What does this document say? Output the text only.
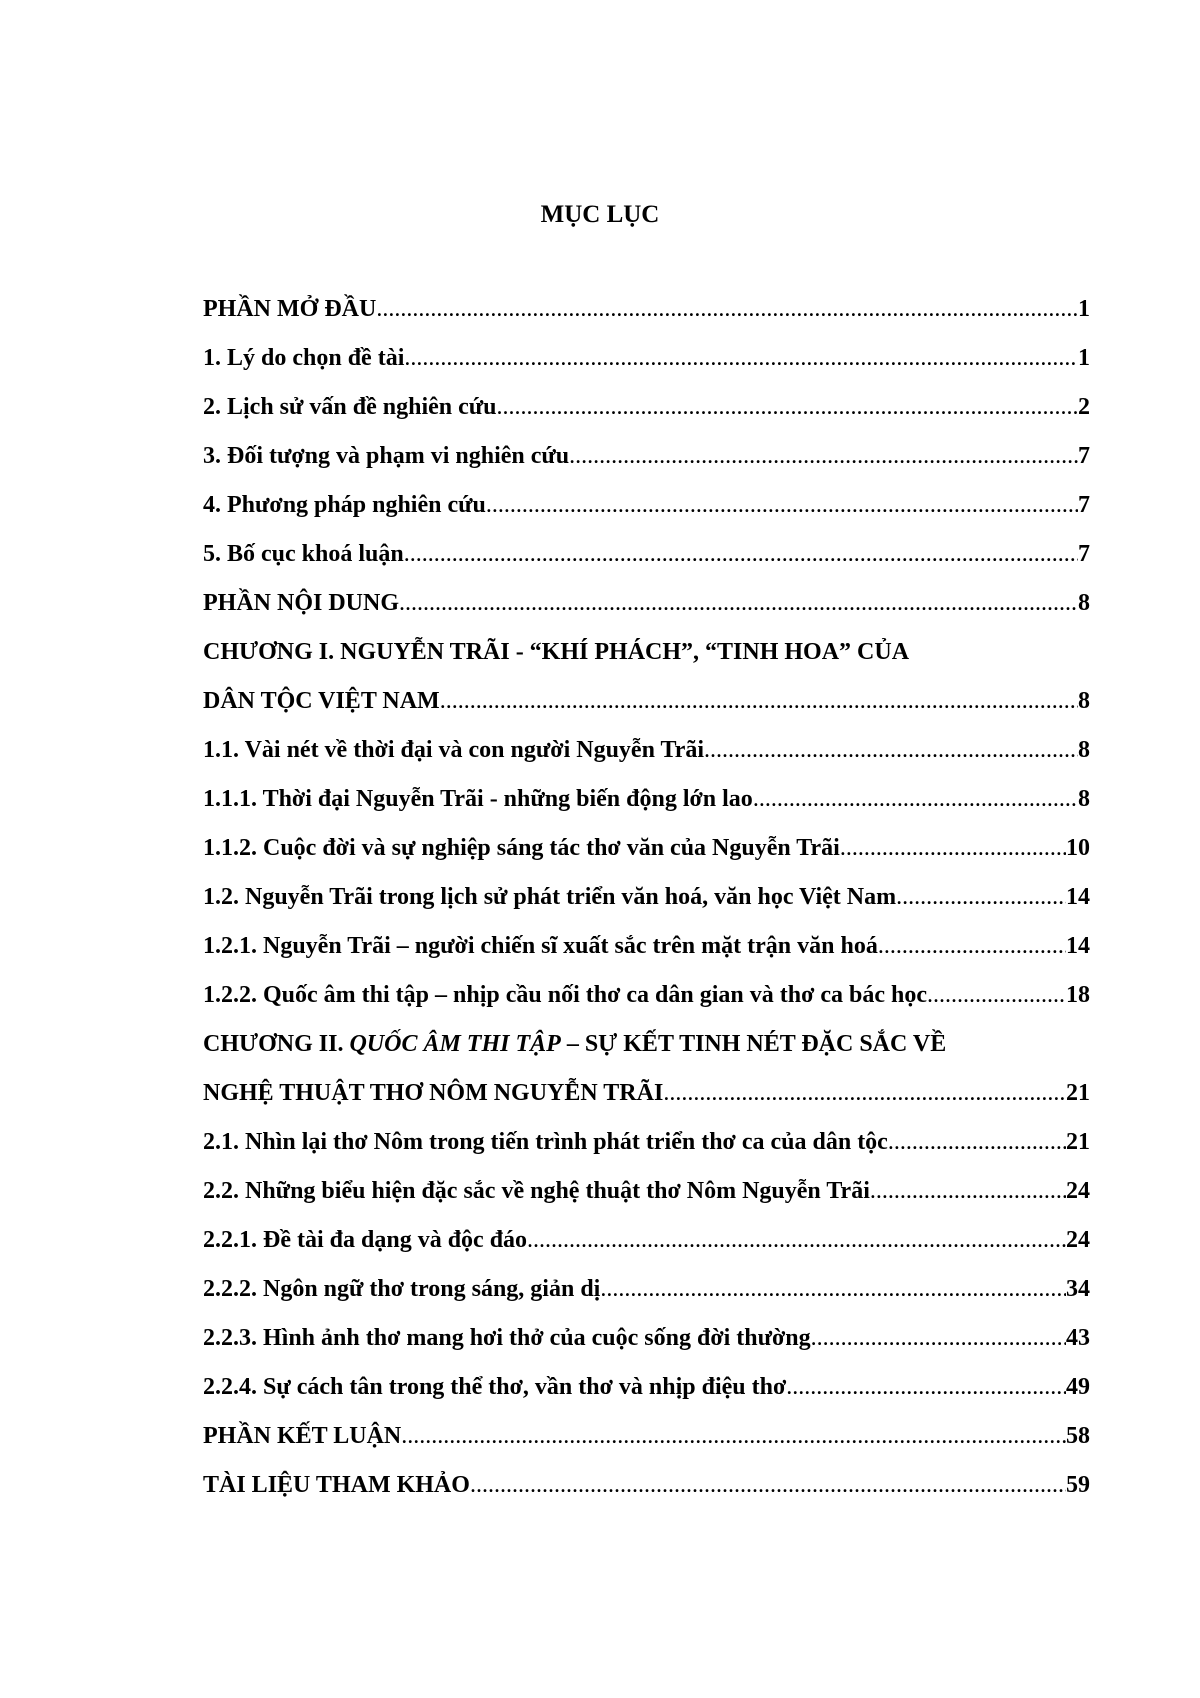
MỤC LỤC
PHẦN MỞ ĐẦU .....	1
1. Lý do chọn đề tài .....	1
2. Lịch sử vấn đề nghiên cứu .....	2
3. Đối tượng và phạm vi nghiên cứu .....	7
4. Phương pháp nghiên cứu .....	7
5. Bố cục khoá luận .....	7
PHẦN NỘI DUNG .....	8
CHƯƠNG I. NGUYỄN TRÃI - “KHÍ PHÁCH”, “TINH HOA” CỦA
DÂN TỘC VIỆT NAM .....	8
1.1. Vài nét về thời đại và con người Nguyễn Trãi .....	8
1.1.1. Thời đại Nguyễn Trãi - những biến động lớn lao .....	8
1.1.2. Cuộc đời và sự nghiệp sáng tác thơ văn của Nguyễn Trãi .....	10
1.2. Nguyễn Trãi trong lịch sử phát triển văn hoá, văn học Việt Nam .....	14
1.2.1. Nguyễn Trãi – người chiến sĩ xuất sắc trên mặt trận văn hoá .....	14
1.2.2. Quốc âm thi tập – nhịp cầu nối thơ ca dân gian và thơ ca bác học .....	18
CHƯƠNG II. QUỐC ÂM THI TẬP – SỰ KẾT TINH NÉT ĐẶC SẮC VỀ
NGHỆ THUẬT THƠ NÔM NGUYỄN TRÃI .....	21
2.1. Nhìn lại thơ Nôm trong tiến trình phát triển thơ ca của dân tộc .....	21
2.2. Những biểu hiện đặc sắc về nghệ thuật thơ Nôm Nguyễn Trãi .....	24
2.2.1. Đề tài đa dạng và độc đáo .....	24
2.2.2. Ngôn ngữ thơ trong sáng, giản dị .....	34
2.2.3. Hình ảnh thơ mang hơi thở của cuộc sống đời thường .....	43
2.2.4. Sự cách tân trong thể thơ, vần thơ và nhịp điệu thơ .....	49
PHẦN KẾT LUẬN .....	58
TÀI LIỆU THAM KHẢO .....	59
